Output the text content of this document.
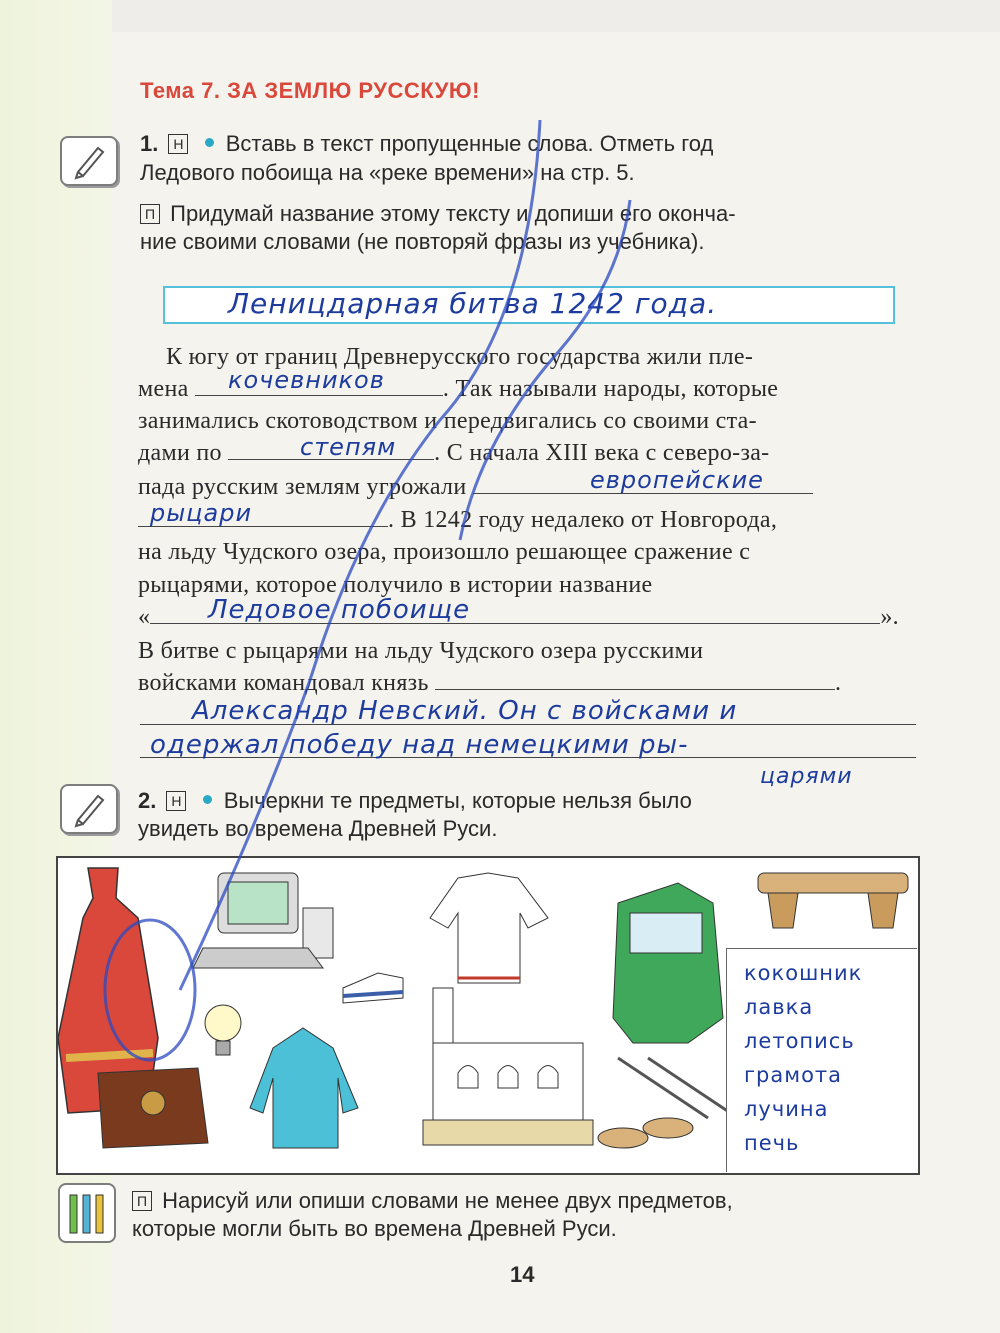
Тема 7. ЗА ЗЕМЛЮ РУССКУЮ!
1. Н Вставь в текст пропущенные слова. Отметь год
Ледового побоища на «реке времени» на стр. 5.
П Придумай название этому тексту и допиши его оконча-
ние своими словами (не повторяй фразы из учебника).
Леницдарная битва 1242 года.
К югу от границ Древнерусского государства жили пле-
мена	. Так называли народы, которые
кочевников
занимались скотоводством и передвигались со своими ста-
дами по	. С начала XIII века с северо-за-
степям
пада русским землям угрожали	европейские
. В 1242 году недалеко от Новгорода,
рыцари
на льду Чудского озера, произошло решающее сражение с
рыцарями, которое получило в истории название
«	».
Ледовое побоище
В битве с рыцарями на льду Чудского озера русскими
войсками командовал князь	.
Александр Невский. Он с войсками и
одержал победу над немецкими ры-
царями
2. Н Вычеркни те предметы, которые нельзя было
увидеть во времена Древней Руси.
кокошник
лавка
летопись
грамота
лучина
печь
П Нарисуй или опиши словами не менее двух предметов,
которые могли быть во времена Древней Руси.
14
